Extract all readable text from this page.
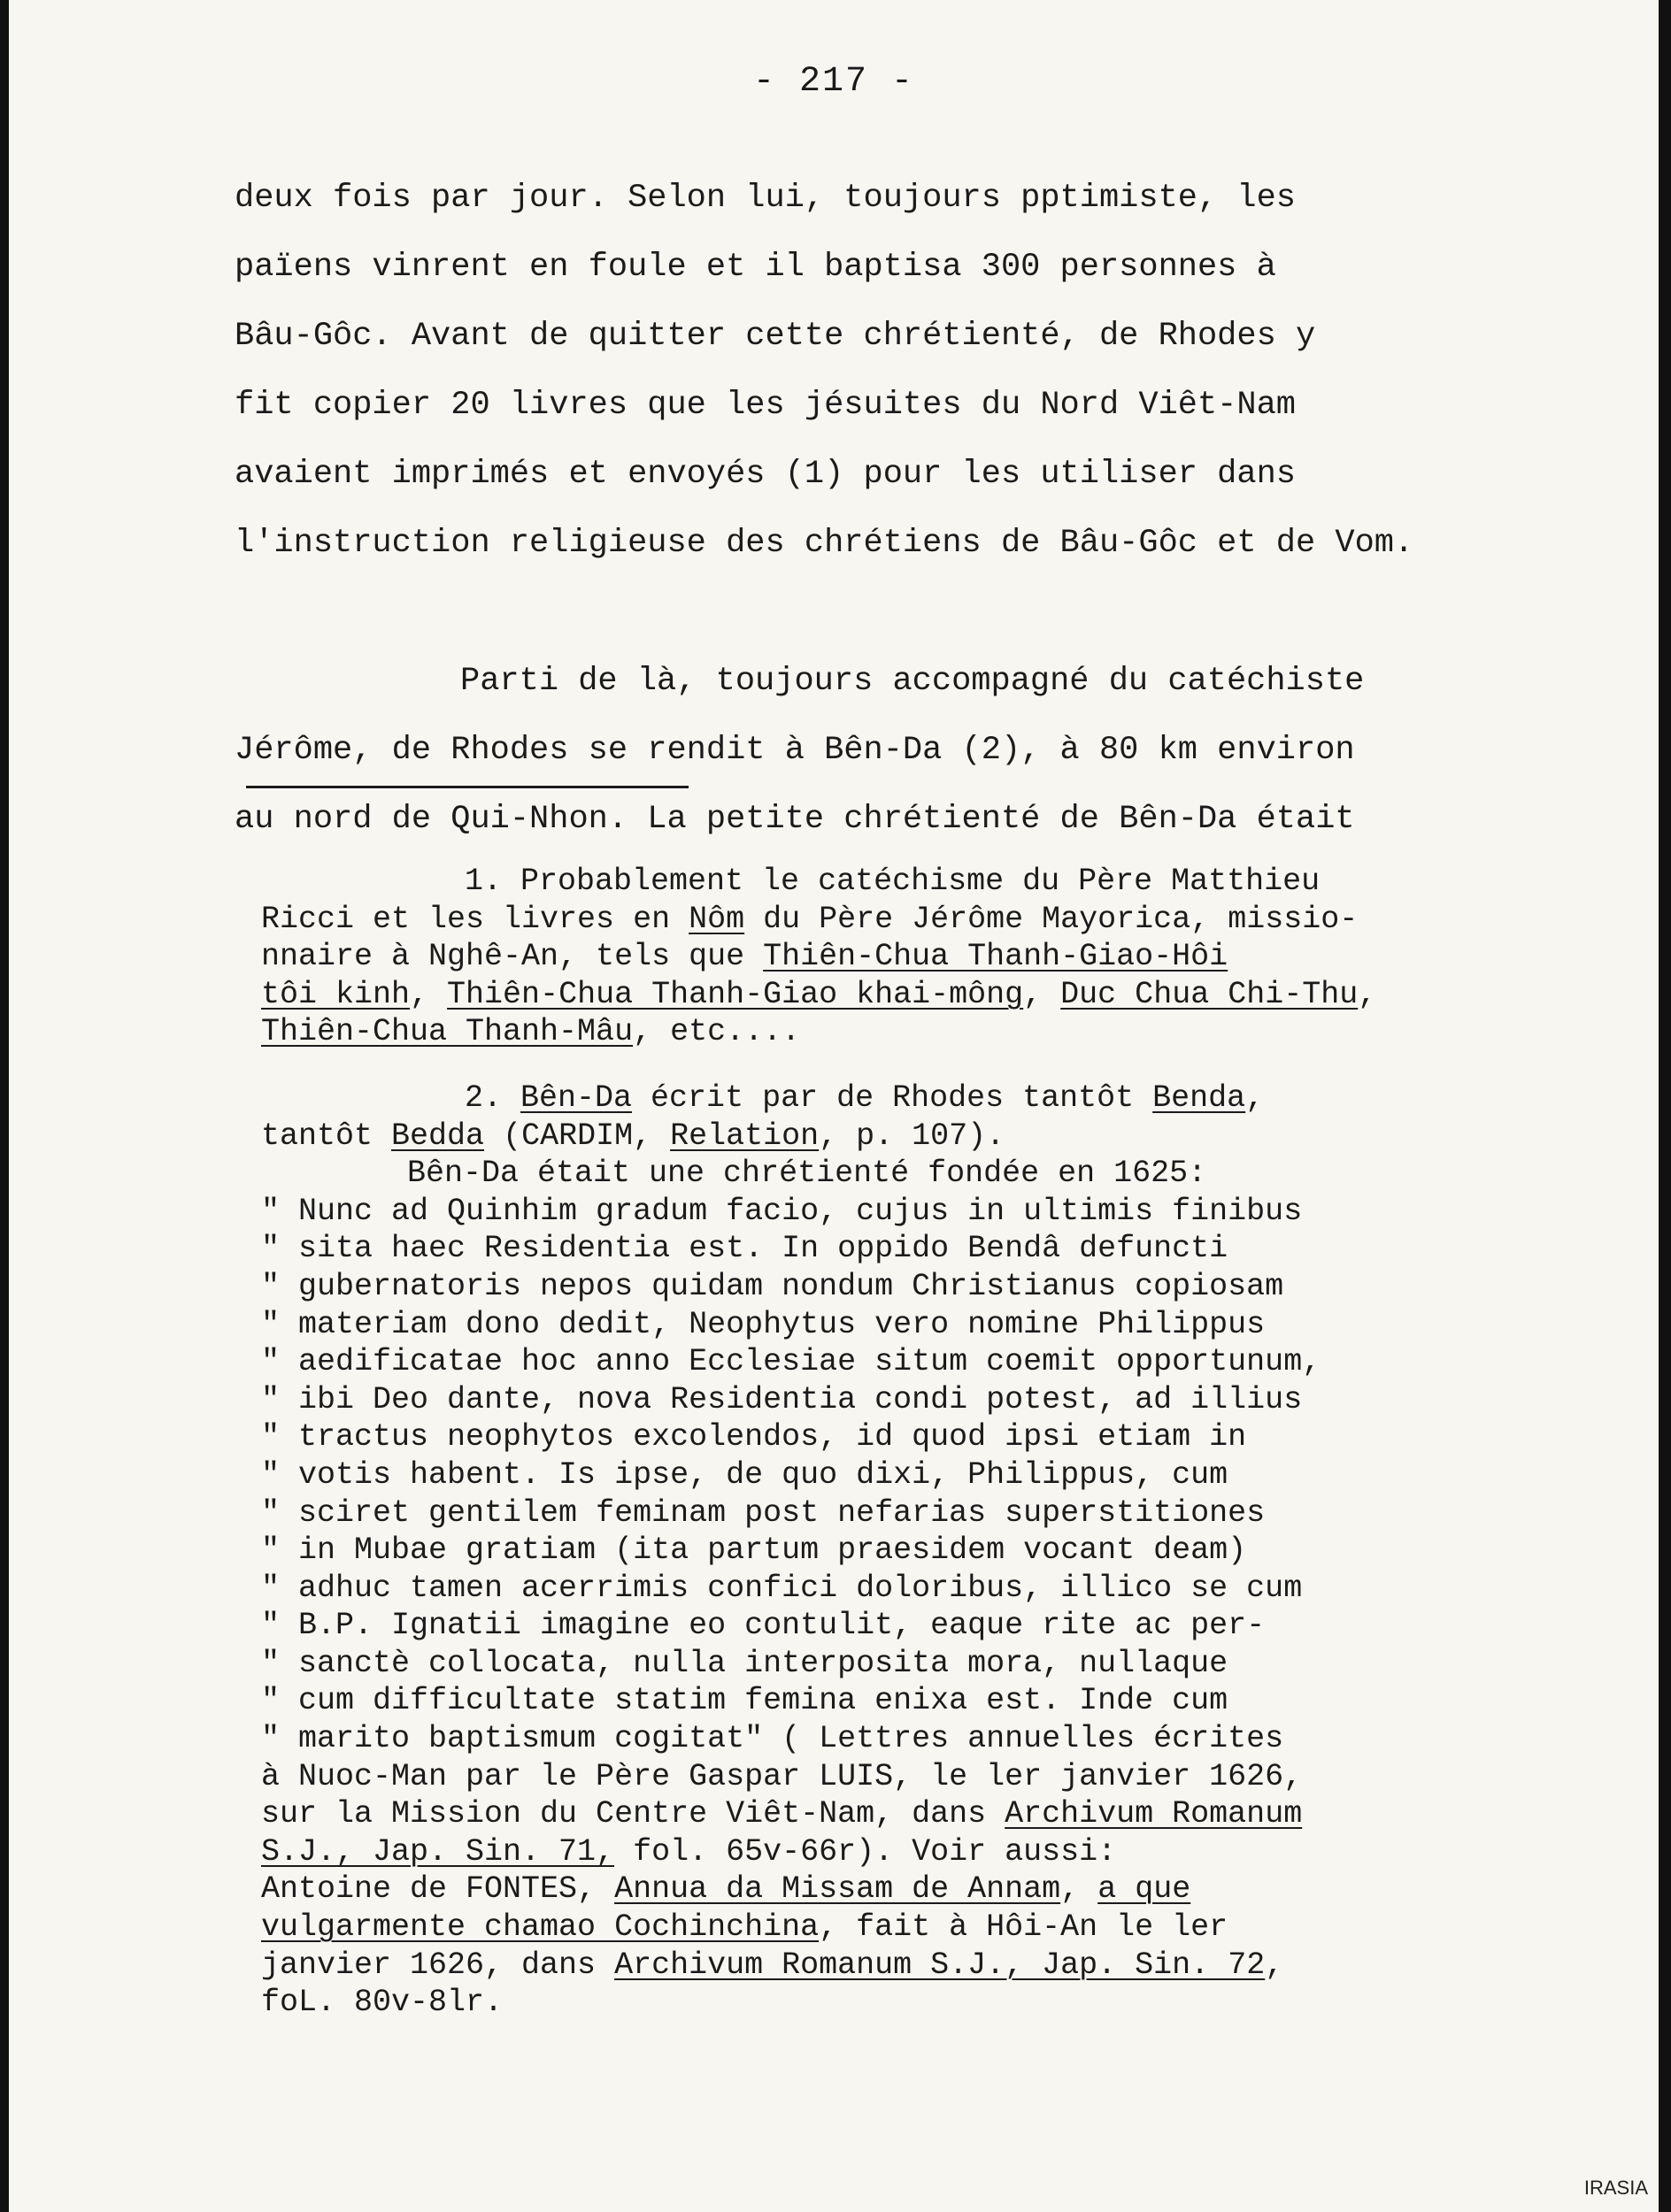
- 217 -
deux fois par jour. Selon lui, toujours pptimiste, les
païens vinrent en foule et il baptisa 300 personnes à
Bâu-Gôc. Avant de quitter cette chrétienté, de Rhodes y
fit copier 20 livres que les jésuites du Nord Viêt-Nam
avaient imprimés et envoyés (1) pour les utiliser dans
l'instruction religieuse des chrétiens de Bâu-Gôc et de Vom.
Parti de là, toujours accompagné du catéchiste
Jérôme, de Rhodes se rendit à Bên-Da (2), à 80 km environ
au nord de Qui-Nhon. La petite chrétienté de Bên-Da était
1. Probablement le catéchisme du Père Matthieu
Ricci et les livres en Nôm du Père Jérôme Mayorica, missio-
nnaire à Nghê-An, tels que Thiên-Chua Thanh-Giao-Hôi
tôi kinh, Thiên-Chua Thanh-Giao khai-mông, Duc Chua Chi-Thu,
Thiên-Chua Thanh-Mâu, etc....
2. Bên-Da écrit par de Rhodes tantôt Benda,
tantôt Bedda (CARDIM, Relation, p. 107).
Bên-Da était une chrétienté fondée en 1625:
" Nunc ad Quinhim gradum facio, cujus in ultimis finibus
" sita haec Residentia est. In oppido Bendâ defuncti
" gubernatoris nepos quidam nondum Christianus copiosam
" materiam dono dedit, Neophytus vero nomine Philippus
" aedificatae hoc anno Ecclesiae situm coemit opportunum,
" ibi Deo dante, nova Residentia condi potest, ad illius
" tractus neophytos excolendos, id quod ipsi etiam in
" votis habent. Is ipse, de quo dixi, Philippus, cum
" sciret gentilem feminam post nefarias superstitiones
" in Mubae gratiam (ita partum praesidem vocant deam)
" adhuc tamen acerrimis confici doloribus, illico se cum
" B.P. Ignatii imagine eo contulit, eaque rite ac per-
" sanctè collocata, nulla interposita mora, nullaque
" cum difficultate statim femina enixa est. Inde cum
" marito baptismum cogitat" ( Lettres annuelles écrites
à Nuoc-Man par le Père Gaspar LUIS, le ler janvier 1626,
sur la Mission du Centre Viêt-Nam, dans Archivum Romanum
S.J., Jap. Sin. 71, fol. 65v-66r). Voir aussi:
Antoine de FONTES, Annua da Missam de Annam, a que
vulgarmente chamao Cochinchina, fait à Hôi-An le ler
janvier 1626, dans Archivum Romanum S.J., Jap. Sin. 72,
foL. 80v-8lr.
IRASIA
